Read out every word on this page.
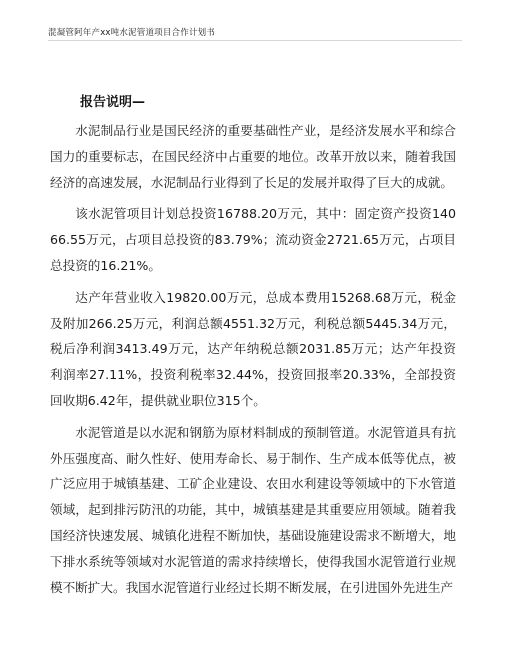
混凝管阿年产xx吨水泥管道项目合作计划书
报告说明—

水泥制品行业是国民经济的重要基础性产业，是经济发展水平和综合国力的重要标志，在国民经济中占重要的地位。改革开放以来，随着我国经济的高速发展，水泥制品行业得到了长足的发展并取得了巨大的成就。

该水泥管项目计划总投资16788.20万元，其中：固定资产投资14066.55万元，占项目总投资的83.79%；流动资金2721.65万元，占项目总投资的16.21%。

达产年营业收入19820.00万元，总成本费用15268.68万元，税金及附加266.25万元，利润总额4551.32万元，利税总额5445.34万元，税后净利润3413.49万元，达产年纳税总额2031.85万元；达产年投资利润率27.11%，投资利税率32.44%，投资回报率20.33%，全部投资回收期6.42年，提供就业职位315个。

水泥管道是以水泥和钢筋为原材料制成的预制管道。水泥管道具有抗外压强度高、耐久性好、使用寿命长、易于制作、生产成本低等优点，被广泛应用于城镇基建、工矿企业建设、农田水利建设等领域中的下水管道领域，起到排污防汛的功能，其中，城镇基建是其重要应用领域。随着我国经济快速发展、城镇化进程不断加快，基础设施建设需求不断增大，地下排水系统等领域对水泥管道的需求持续增长，使得我国水泥管道行业规模不断扩大。我国水泥管道行业经过长期不断发展，在引进国外先进生产
